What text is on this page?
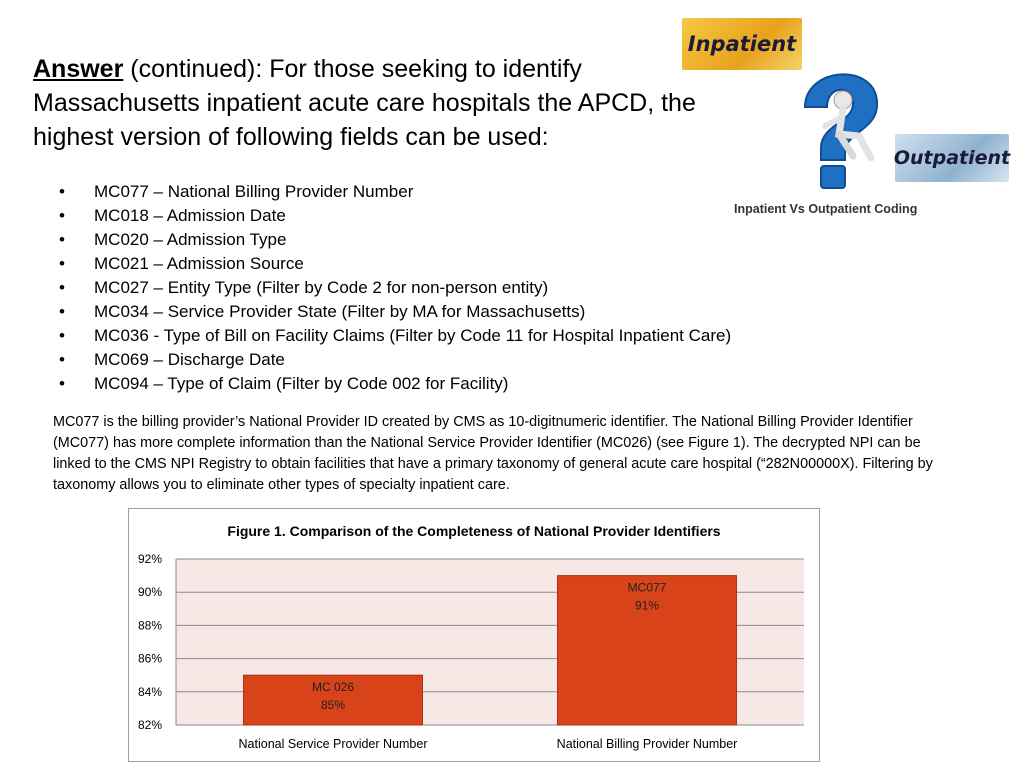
Answer (continued): For those seeking to identify Massachusetts inpatient acute care hospitals the APCD, the highest version of following fields can be used:
• MC077 – National Billing Provider Number
• MC018 – Admission Date
• MC020 – Admission Type
• MC021 – Admission Source
• MC027 – Entity Type (Filter by Code 2 for non-person entity)
• MC034 – Service Provider State (Filter by MA for Massachusetts)
• MC036 - Type of Bill on Facility Claims (Filter by Code 11 for Hospital Inpatient Care)
• MC069 – Discharge Date
• MC094 – Type of Claim (Filter by Code 002 for Facility)
MC077 is the billing provider’s National Provider ID created by CMS as 10-digitnumeric identifier. The National Billing Provider Identifier (MC077) has more complete information than the National Service Provider Identifier (MC026) (see Figure 1). The decrypted NPI can be linked to the CMS NPI Registry to obtain facilities that have a primary taxonomy of general acute care hospital (“282N00000X). Filtering by taxonomy allows you to eliminate other types of specialty inpatient care.
Inpatient
Outpatient
Inpatient Vs Outpatient Coding
Figure 1. Comparison of the Completeness of National Provider Identifiers
82%
84%
86%
88%
90%
92%
MC 026
85%
National Service Provider Number
MC077
91%
National Billing Provider Number
